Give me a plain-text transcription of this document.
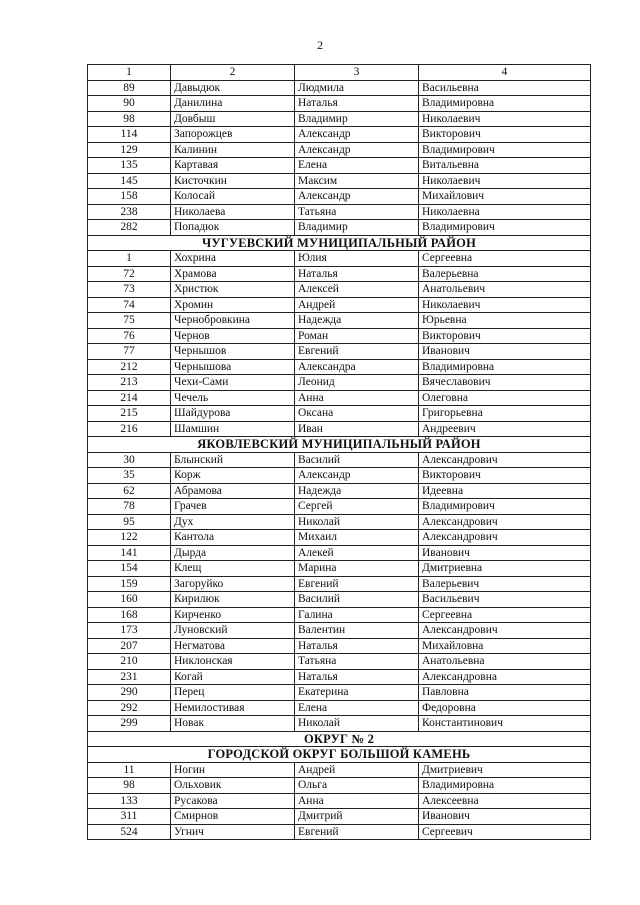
2
1	2	3	4
89	Давыдюк	Людмила	Васильевна
90	Данилина	Наталья	Владимировна
98	Довбыш	Владимир	Николаевич
114	Запорожцев	Александр	Викторович
129	Калинин	Александр	Владимирович
135	Картавая	Елена	Витальевна
145	Кисточкин	Максим	Николаевич
158	Колосай	Александр	Михайлович
238	Николаева	Татьяна	Николаевна
282	Попадюк	Владимир	Владимирович
ЧУГУЕВСКИЙ МУНИЦИПАЛЬНЫЙ РАЙОН			
1	Хохрина	Юлия	Сергеевна
72	Храмова	Наталья	Валерьевна
73	Христюк	Алексей	Анатольевич
74	Хромин	Андрей	Николаевич
75	Чернобровкина	Надежда	Юрьевна
76	Чернов	Роман	Викторович
77	Чернышов	Евгений	Иванович
212	Чернышова	Александра	Владимировна
213	Чехи-Сами	Леонид	Вячеславович
214	Чечель	Анна	Олеговна
215	Шайдурова	Оксана	Григорьевна
216	Шамшин	Иван	Андреевич
ЯКОВЛЕВСКИЙ МУНИЦИПАЛЬНЫЙ РАЙОН			
30	Блынский	Василий	Александрович
35	Корж	Александр	Викторович
62	Абрамова	Надежда	Идеевна
78	Грачев	Сергей	Владимирович
95	Дух	Николай	Александрович
122	Кантола	Михаил	Александрович
141	Дырда	Алекей	Иванович
154	Клещ	Марина	Дмитриевна
159	Загоруйко	Евгений	Валерьевич
160	Кирилюк	Василий	Васильевич
168	Кирченко	Галина	Сергеевна
173	Луновский	Валентин	Александрович
207	Негматова	Наталья	Михайловна
210	Никлонская	Татьяна	Анатольевна
231	Когай	Наталья	Александровна
290	Перец	Екатерина	Павловна
292	Немилостивая	Елена	Федоровна
299	Новак	Николай	Константинович
ОКРУГ № 2			
ГОРОДСКОЙ ОКРУГ БОЛЬШОЙ КАМЕНЬ			
11	Ногин	Андрей	Дмитриевич
98	Ольховик	Ольга	Владимировна
133	Русакова	Анна	Алексеевна
311	Смирнов	Дмитрий	Иванович
524	Угнич	Евгений	Сергеевич
